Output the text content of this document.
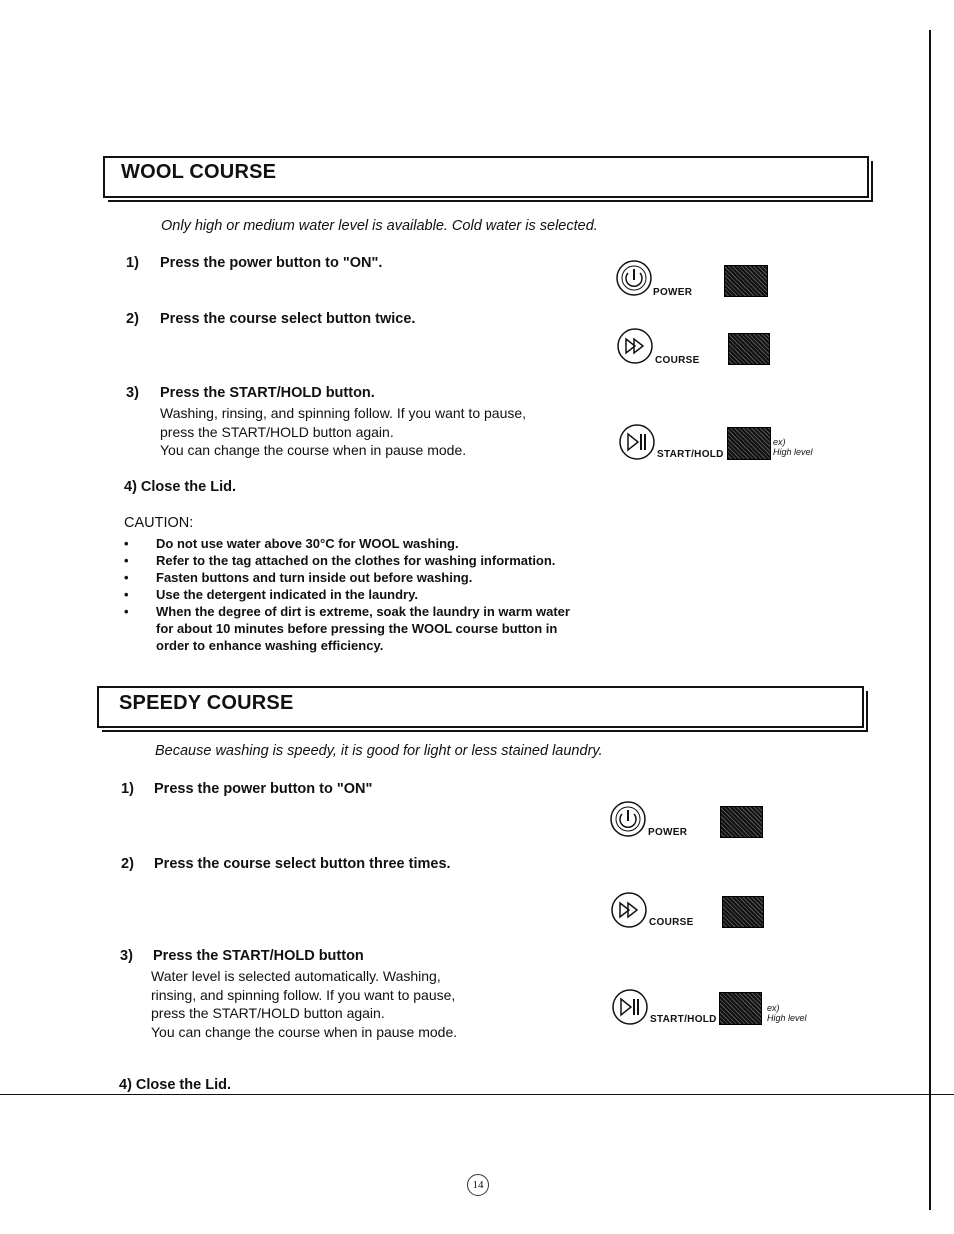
WOOL COURSE
Only high or medium water level is available. Cold water is selected.
1) Press the power button to "ON".
2) Press the course select button twice.
3) Press the START/HOLD button.
Washing, rinsing, and spinning follow. If you want to pause,
press the START/HOLD button again.
You can change the course when in pause mode.
4) Close the Lid.
CAUTION:
• Do not use water above 30°C for WOOL washing.
• Refer to the tag attached on the clothes for washing information.
• Fasten buttons and turn inside out before washing.
• Use the detergent indicated in the laundry.
• When the degree of dirt is extreme, soak the laundry in warm water for about 10 minutes before pressing the WOOL course button in order to enhance washing efficiency.
POWER
COURSE
START/HOLD
ex)
High level
SPEEDY COURSE
Because washing is speedy, it is good for light or less stained laundry.
1) Press the power button to "ON"
2) Press the course select button three times.
3) Press the START/HOLD button
Water level is selected automatically. Washing,
rinsing, and spinning follow. If you want to pause,
press the START/HOLD button again.
You can change the course when in pause mode.
4) Close the Lid.
POWER
COURSE
START/HOLD
ex)
High level
14
